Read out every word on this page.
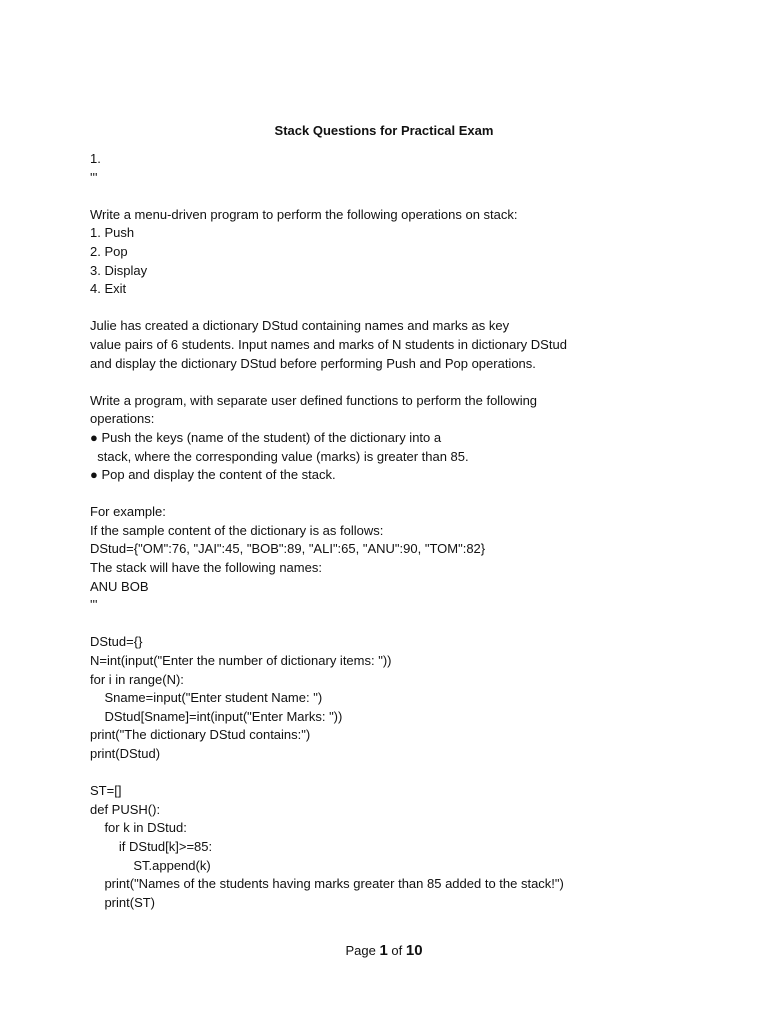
Stack Questions for Practical Exam
1.
'''
Write a menu-driven program to perform the following operations on stack:
1. Push
2. Pop
3. Display
4. Exit
Julie has created a dictionary DStud containing names and marks as key
value pairs of 6 students. Input names and marks of N students in dictionary DStud
and display the dictionary DStud before performing Push and Pop operations.
Write a program, with separate user defined functions to perform the following
operations:
● Push the keys (name of the student) of the dictionary into a
stack, where the corresponding value (marks) is greater than 85.
● Pop and display the content of the stack.
For example:
If the sample content of the dictionary is as follows:
DStud={"OM":76, "JAI":45, "BOB":89, "ALI":65, "ANU":90, "TOM":82}
The stack will have the following names:
ANU BOB
'''
DStud={}
N=int(input("Enter the number of dictionary items: "))
for i in range(N):
Sname=input("Enter student Name: ")
DStud[Sname]=int(input("Enter Marks: "))
print("The dictionary DStud contains:")
print(DStud)
ST=[]
def PUSH():
for k in DStud:
if DStud[k]>=85:
ST.append(k)
print("Names of the students having marks greater than 85 added to the stack!")
print(ST)
Page 1 of 10
